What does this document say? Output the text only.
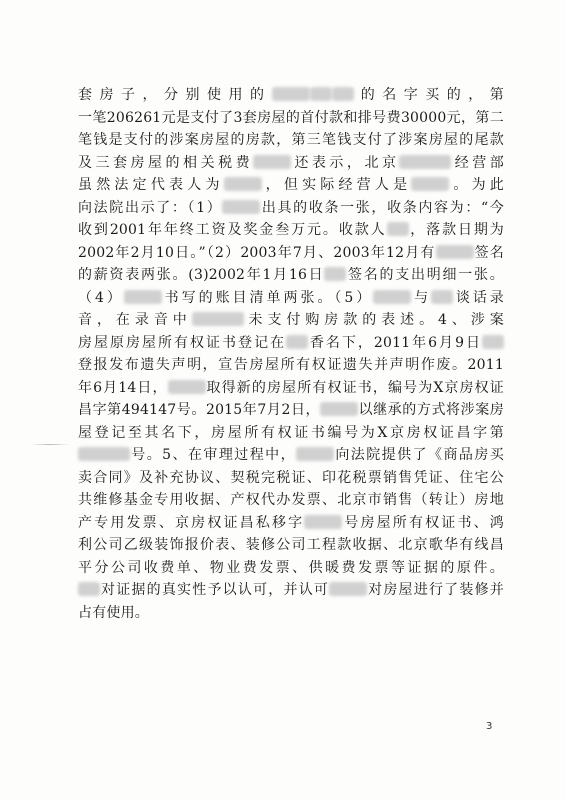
套房子，分别使用的	的名字买的，第
一笔206261元是支付了3套房屋的首付款和排号费30000元，第二
笔钱是支付的涉案房屋的房款，第三笔钱支付了涉案房屋的尾款
及三套房屋的相关税费	还表示，北京	经营部
虽然法定代表人为	，但实际经营人是	。为此
向法院出示了：（1）	出具的收条一张，收条内容为：“今
收到2001年年终工资及奖金叁万元。收款人 ，落款日期为
2002年2月10日。”（2）2003年7月、2003年12月有	签名
的薪资表两张。(3)2002年1月16日 签名的支出明细一张。
（4）	书写的账目清单两张。（5）	与 谈话录
音，在录音中	未支付购房款的表述。4、涉案
房屋原房屋所有权证书登记在 香名下，2011年6月9日
登报发布遗失声明，宣告房屋所有权证遗失并声明作废。2011
年6月14日，	取得新的房屋所有权证书，编号为X京房权证
昌字第494147号。2015年7月2日，	以继承的方式将涉案房
屋登记至其名下，房屋所有权证书编号为X京房权证昌字第
号。5、在审理过程中，	向法院提供了《商品房买
卖合同》及补充协议、契税完税证、印花税票销售凭证、住宅公
共维修基金专用收据、产权代办发票、北京市销售（转让）房地
产专用发票、京房权证昌私移字	号房屋所有权证书、鸿
利公司乙级装饰报价表、装修公司工程款收据、北京歌华有线昌
平分公司收费单、物业费发票、供暖费发票等证据的原件。
对证据的真实性予以认可，并认可	对房屋进行了装修并
占有使用。
3
